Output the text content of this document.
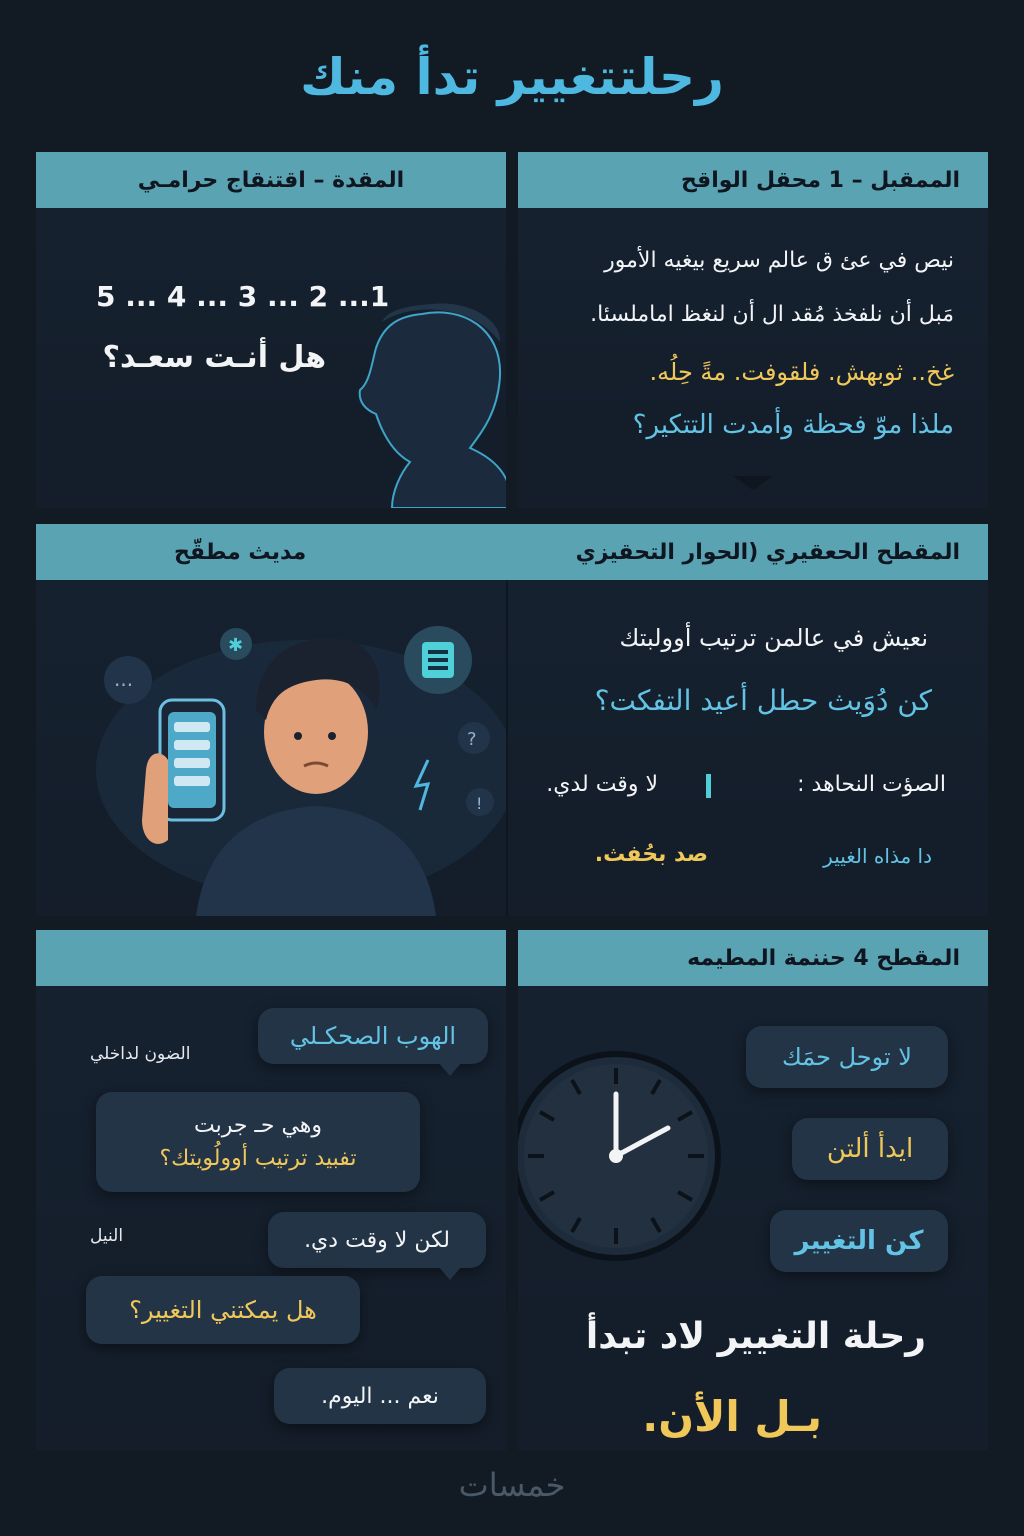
رحلتتغيير تدأ منك
الممقبل – 1 محقل الواقح
نيص في عئ ق عالم سريع بيغيه الأمور
مَبل أن نلفخذ مُقد ال أن لنغظ اماملسئا.
غخ.. ثوبهش. فلقوفت. مةً حِلُه.
ملذا موّ فحظة وأمدت التتكير؟
المقدة – اقتنقاج حرامـي
5 ... 4 ... 3 ... 2 ...1
هل أنـت سعـد؟
المقطح الحعقيري (الحوار التحقيزي
مديث مطقّح
...
✱
?
!
نعيش في عالمن ترتيب أوولبتك
كن دُوَيث حطل أعيد التفكت؟
الصؤت النحاهد :
لا وقت لدي.
دا مذاه الغيير
صد بحُفث.
الهوب الصحكـلي
الضون لداخلي
وهي حـ جربت
تفبيد ترتيب أوولُويتك؟
النيل	لكن لا وقت دي.
هل يمكتني التغيير؟
نعم ... اليوم.
المقطح 4 حننمة المطيمه
لا توحل حمَك
ايدأ ألتن
كن التغيير
رحلة التغيير لاد تبدأ
بـل الأن.
خمسات
